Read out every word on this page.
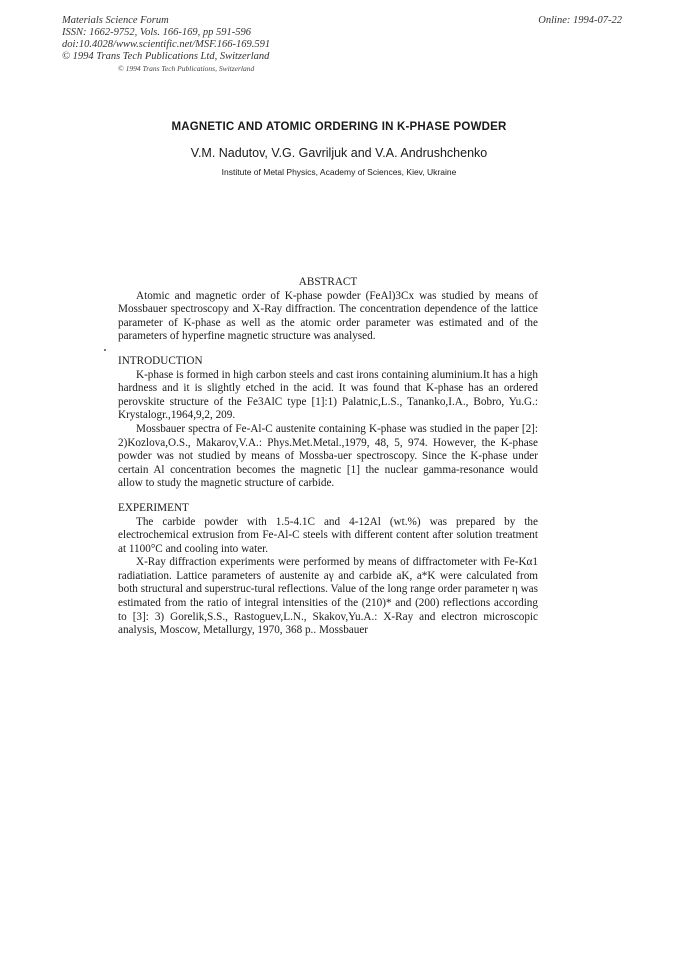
Materials Science Forum
ISSN: 1662-9752, Vols. 166-169, pp 591-596
doi:10.4028/www.scientific.net/MSF.166-169.591
© 1994 Trans Tech Publications Ltd, Switzerland
Online: 1994-07-22
© 1994 Trans Tech Publications, Switzerland
MAGNETIC AND ATOMIC ORDERING IN K-PHASE POWDER
V.M. Nadutov, V.G. Gavriljuk and V.A. Andrushchenko
Institute of Metal Physics, Academy of Sciences, Kiev, Ukraine

ABSTRACT

Atomic and magnetic order of K-phase powder (FeAl)3Cx was studied by means of Mossbauer spectroscopy and X-Ray diffraction. The concentration dependence of the lattice parameter of K-phase as well as the atomic order parameter was estimated and of the parameters of hyperfine magnetic structure was analysed.

INTRODUCTION

K-phase is formed in high carbon steels and cast irons containing aluminium.It has a high hardness and it is slightly etched in the acid. It was found that K-phase has an ordered perovskite structure of the Fe3AlC type [1]:1) Palatnic,L.S., Tananko,I.A., Bobro, Yu.G.: Krystalogr.,1964,9,2, 209.

Mossbauer spectra of Fe-Al-C austenite containing K-phase was studied in the paper [2]: 2)Kozlova,O.S., Makarov,V.A.: Phys.Met.Metal.,1979, 48, 5, 974. However, the K-phase powder was not studied by means of Mossba-uer spectroscopy. Since the K-phase under certain Al concentration becomes the magnetic [1] the nuclear gamma-resonance would allow to study the magnetic structure of carbide.

EXPERIMENT

The carbide powder with 1.5-4.1C and 4-12Al (wt.%) was prepared by the electrochemical extrusion from Fe-Al-C steels with different content after solution treatment at 1100°C and cooling into water.

X-Ray diffraction experiments were performed by means of diffractometer with Fe-Kα1 radiatiation. Lattice parameters of austenite aγ and carbide aK, a*K were calculated from both structural and superstruc-tural reflections. Value of the long range order parameter η was estimated from the ratio of integral intensities of the (210)* and (200) reflections according to [3]: 3) Gorelik,S.S., Rastoguev,L.N., Skakov,Yu.A.: X-Ray and electron microscopic analysis, Moscow, Metallurgy, 1970, 368 p.. Mossbauer
